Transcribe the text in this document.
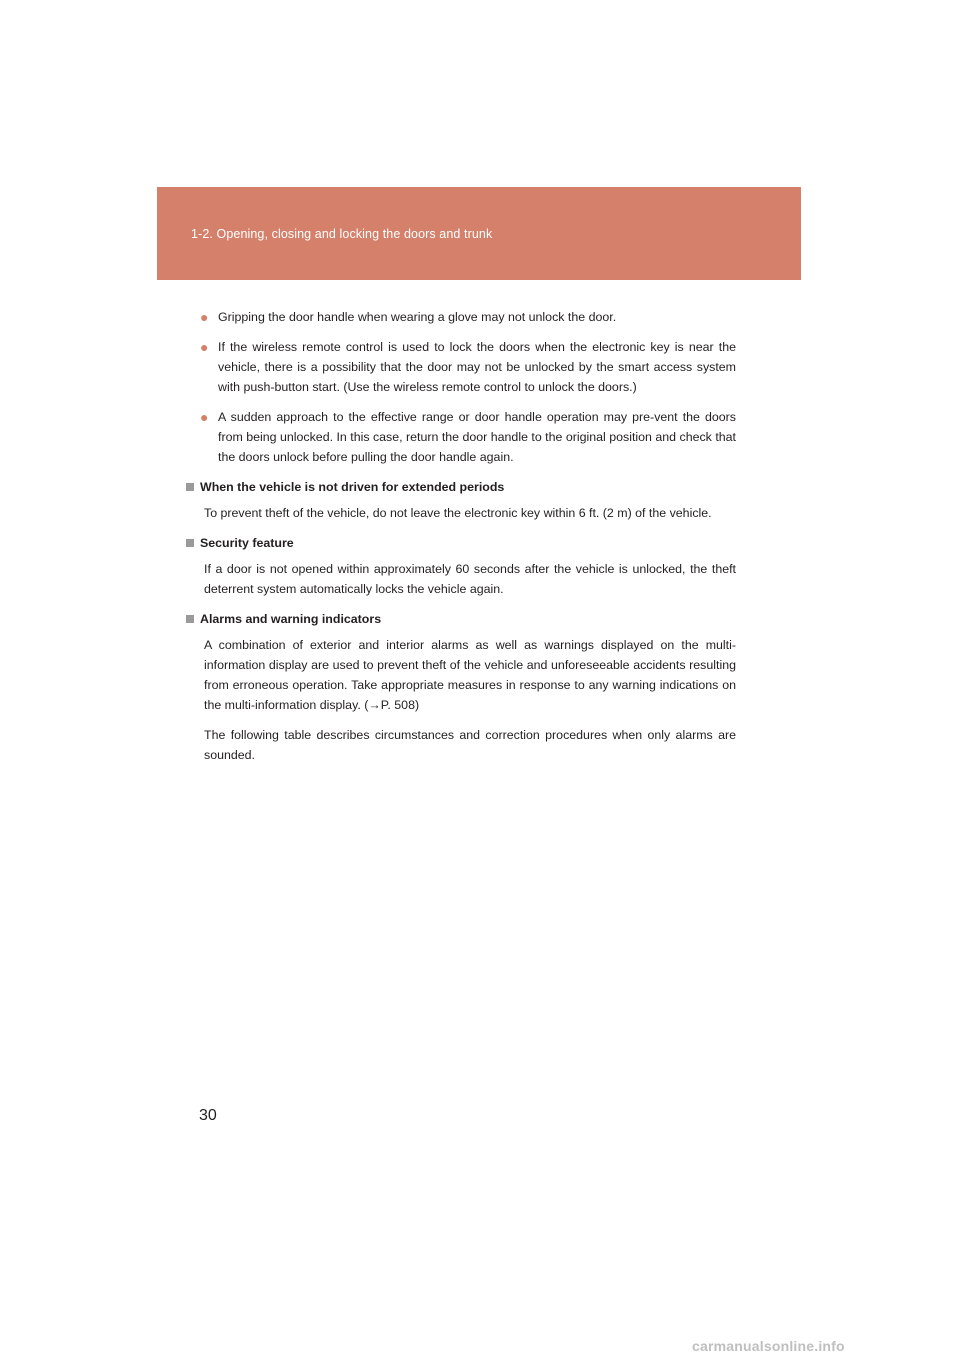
1-2. Opening, closing and locking the doors and trunk
● Gripping the door handle when wearing a glove may not unlock the door.
● If the wireless remote control is used to lock the doors when the electronic key is near the vehicle, there is a possibility that the door may not be unlocked by the smart access system with push-button start. (Use the wireless remote control to unlock the doors.)
● A sudden approach to the effective range or door handle operation may pre-vent the doors from being unlocked. In this case, return the door handle to the original position and check that the doors unlock before pulling the door handle again.
When the vehicle is not driven for extended periods
To prevent theft of the vehicle, do not leave the electronic key within 6 ft. (2 m) of the vehicle.
Security feature
If a door is not opened within approximately 60 seconds after the vehicle is unlocked, the theft deterrent system automatically locks the vehicle again.
Alarms and warning indicators
A combination of exterior and interior alarms as well as warnings displayed on the multi-information display are used to prevent theft of the vehicle and unforeseeable accidents resulting from erroneous operation. Take appropriate measures in response to any warning indications on the multi-information display. (→P. 508)
The following table describes circumstances and correction procedures when only alarms are sounded.
30
carmanualsonline.info
